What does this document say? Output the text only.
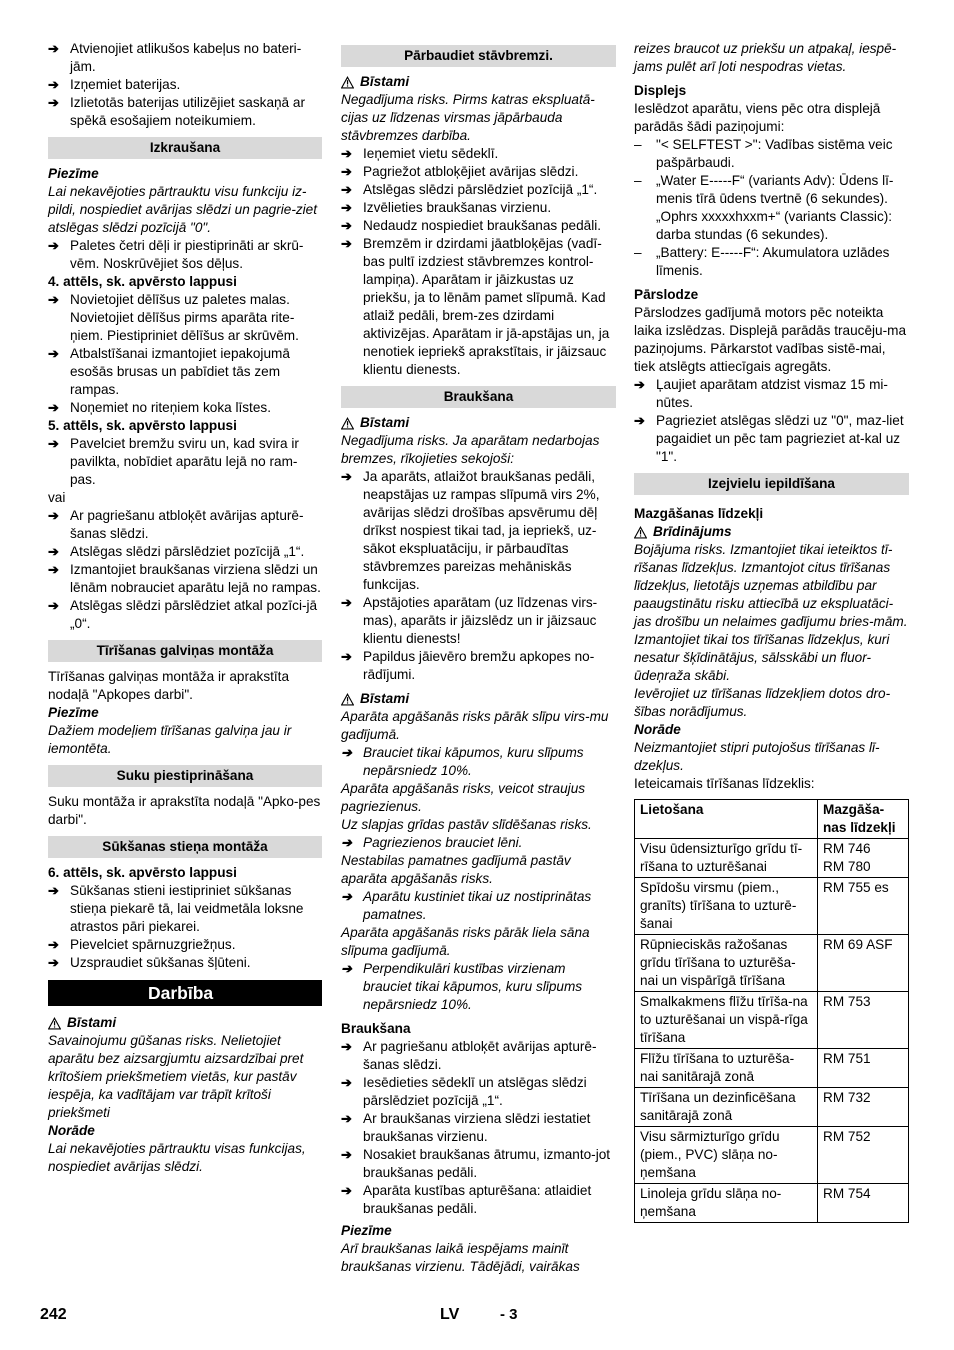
➔ Atvienojiet atlikušos kabeļus no bateri-jām.

➔ Izņemiet baterijas.

➔ Izlietotās baterijas utilizējiet saskaņā ar spēkā esošajiem noteikumiem.

Izkraušana

Piezīme

Lai nekavējoties pārtrauktu visu funkciju iz-pildi, nospiediet avārijas slēdzi un pagrie-ziet atslēgas slēdzi pozīcijā "0".

➔ Paletes četri dēļi ir piestiprināti ar skrū-vēm. Noskrūvējiet šos dēļus.

4. attēls, sk. apvērsto lappusi

➔ Novietojiet dēlīšus uz paletes malas. Novietojiet dēlīšus pirms aparāta rite-ņiem. Piestipriniet dēlīšus ar skrūvēm.

➔ Atbalstīšanai izmantojiet iepakojumā esošās brusas un pabīdiet tās zem rampas.

➔ Noņemiet no riteņiem koka līstes.

5. attēls, sk. apvērsto lappusi

➔ Pavelciet bremžu sviru un, kad svira ir pavilkta, nobīdiet aparātu lejā no ram-pas.

vai

➔ Ar pagriešanu atbloķēt avārijas apturē-šanas slēdzi.

➔ Atslēgas slēdzi pārslēdziet pozīcijā „1“.

➔ Izmantojiet braukšanas virziena slēdzi un lēnām nobrauciet aparātu lejā no rampas.

➔ Atslēgas slēdzi pārslēdziet atkal pozīci-jā „0“.

Tīrīšanas galviņas montāža

Tīrīšanas galviņas montāža ir aprakstīta nodaļā "Apkopes darbi".

Piezīme

Dažiem modeļiem tīrīšanas galviņa jau ir iemontēta.

Suku piestiprināšana

Suku montāža ir aprakstīta nodaļā "Apko-pes darbi".

Sūkšanas stieņa montāža

6. attēls, sk. apvērsto lappusi

➔ Sūkšanas stieni iestipriniet sūkšanas stieņa piekarē tā, lai veidmetāla loksne atrastos pāri piekarei.

➔ Pievelciet spārnuzgriežņus.

➔ Uzspraudiet sūkšanas šļūteni.

Darbība
Bīstami

Savainojumu gūšanas risks. Nelietojiet aparātu bez aizsargjumtu aizsardzībai pret krītošiem priekšmetiem vietās, kur pastāv iespēja, ka vadītājam var trāpīt krītoši priekšmeti

Norāde

Lai nekavējoties pārtrauktu visas funkcijas, nospiediet avārijas slēdzi.

Pārbaudiet stāvbremzi.
Bīstami

Negadījuma risks. Pirms katras ekspluatā-cijas uz līdzenas virsmas jāpārbauda stāvbremzes darbība.

➔ Ieņemiet vietu sēdeklī.

➔ Pagriežot atbloķējiet avārijas slēdzi.

➔ Atslēgas slēdzi pārslēdziet pozīcijā „1“.

➔ Izvēlieties braukšanas virzienu.

➔ Nedaudz nospiediet braukšanas pedāli.

➔ Bremzēm ir dzirdami jāatbloķējas (vadī-bas pultī izdziest stāvbremzes kontrol-lampiņa). Aparātam ir jāizkustas uz priekšu, ja to lēnām pamet slīpumā. Kad atlaiž pedāli, brem-zes dzirdami aktivizējas. Aparātam ir jā-apstājas un, ja nenotiek iepriekš aprakstītais, ir jāizsauc klientu dienests.

Braukšana
Bīstami

Negadījuma risks. Ja aparātam nedarbojas bremzes, rīkojieties sekojoši:

➔ Ja aparāts, atlaižot braukšanas pedāli, neapstājas uz rampas slīpumā virs 2%, avārijas slēdzi drošības apsvērumu dēļ drīkst nospiest tikai tad, ja iepriekš, uz-sākot ekspluatāciju, ir pārbaudītas stāvbremzes pareizas mehāniskās funkcijas.

➔ Apstājoties aparātam (uz līdzenas virs-mas), aparāts ir jāizslēdz un ir jāizsauc klientu dienests!

➔ Papildus jāievēro bremžu apkopes no-rādījumi.

Bīstami

Aparāta apgāšanās risks pārāk slīpu virs-mu gadījumā.

➔ Brauciet tikai kāpumos, kuru slīpums nepārsniedz 10%.

Aparāta apgāšanās risks, veicot straujus pagriezienus.

Uz slapjas grīdas pastāv slīdēšanas risks.

➔ Pagriezienos brauciet lēni.

Nestabilas pamatnes gadījumā pastāv aparāta apgāšanās risks.

➔ Aparātu kustiniet tikai uz nostiprinātas pamatnes.

Aparāta apgāšanās risks pārāk liela sāna slīpuma gadījumā.

➔ Perpendikulāri kustības virzienam brauciet tikai kāpumos, kuru slīpums nepārsniedz 10%.

Braukšana

➔ Ar pagriešanu atbloķēt avārijas apturē-šanas slēdzi.

➔ Iesēdieties sēdeklī un atslēgas slēdzi pārslēdziet pozīcijā „1“.

➔ Ar braukšanas virziena slēdzi iestatiet braukšanas virzienu.

➔ Nosakiet braukšanas ātrumu, izmanto-jot braukšanas pedāli.

➔ Aparāta kustības apturēšana: atlaidiet braukšanas pedāli.

Piezīme

Arī braukšanas laikā iespējams mainīt braukšanas virzienu. Tādējādi, vairākas

reizes braucot uz priekšu un atpakaļ, iespē-jams pulēt arī ļoti nespodras vietas.

Displejs

Ieslēdzot aparātu, viens pēc otra displejā parādās šādi paziņojumi:

– "< SELFTEST >": Vadības sistēma veic pašpārbaudi.

– „Water E-----F“ (variants Adv): Ūdens lī-menis tīrā ūdens tvertnē (6 sekundes). „Ophrs xxxxxhxxm+“ (variants Classic): darba stundas (6 sekundes).

– „Battery: E-----F“: Akumulatora uzlādes līmenis.

Pārslodze

Pārslodzes gadījumā motors pēc noteikta laika izslēdzas. Displejā parādās traucēju-ma paziņojums. Pārkarstot vadības sistē-mai, tiek atslēgts attiecīgais agregāts.

➔ Ļaujiet aparātam atdzist vismaz 15 mi-nūtes.

➔ Pagrieziet atslēgas slēdzi uz "0", maz-liet pagaidiet un pēc tam pagrieziet at-kal uz "1".

Izejvielu iepildīšana

Mazgāšanas līdzekļi

Brīdinājums

Bojājuma risks. Izmantojiet tikai ieteiktos tī-rīšanas līdzekļus. Izmantojot citus tīrīšanas līdzekļus, lietotājs uzņemas atbildību par paaugstinātu risku attiecībā uz ekspluatāci-jas drošību un nelaimes gadījumu bries-mām.

Izmantojiet tikai tos tīrīšanas līdzekļus, kuri nesatur šķīdinātājus, sālsskābi un fluor-ūdeņraža skābi.

Ievērojiet uz tīrīšanas līdzekļiem dotos dro-šības norādījumus.

Norāde

Neizmantojiet stipri putojošus tīrīšanas lī-dzekļus.

Ieteicamais tīrīšanas līdzeklis:

Lietošana	Mazgāša-nas līdzekļi
Visu ūdensizturīgo grīdu tī-rīšana to uzturēšanai	RM 746
RM 780
Spīdošu virsmu (piem., granīts) tīrīšana to uzturē-šanai	RM 755 es
Rūpnieciskās ražošanas grīdu tīrīšana to uzturēša-nai un vispārīgā tīrīšana	RM 69 ASF
Smalkakmens flīžu tīrīša-na to uzturēšanai un vispā-rīga tīrīšana	RM 753
Flīžu tīrīšana to uzturēša-nai sanitārajā zonā	RM 751
Tīrīšana un dezinficēšana sanitārajā zonā	RM 732
Visu sārmizturīgo grīdu (piem., PVC) slāņa no-ņemšana	RM 752
Linoleja grīdu slāņa no-ņemšana	RM 754
242	LV	- 3
